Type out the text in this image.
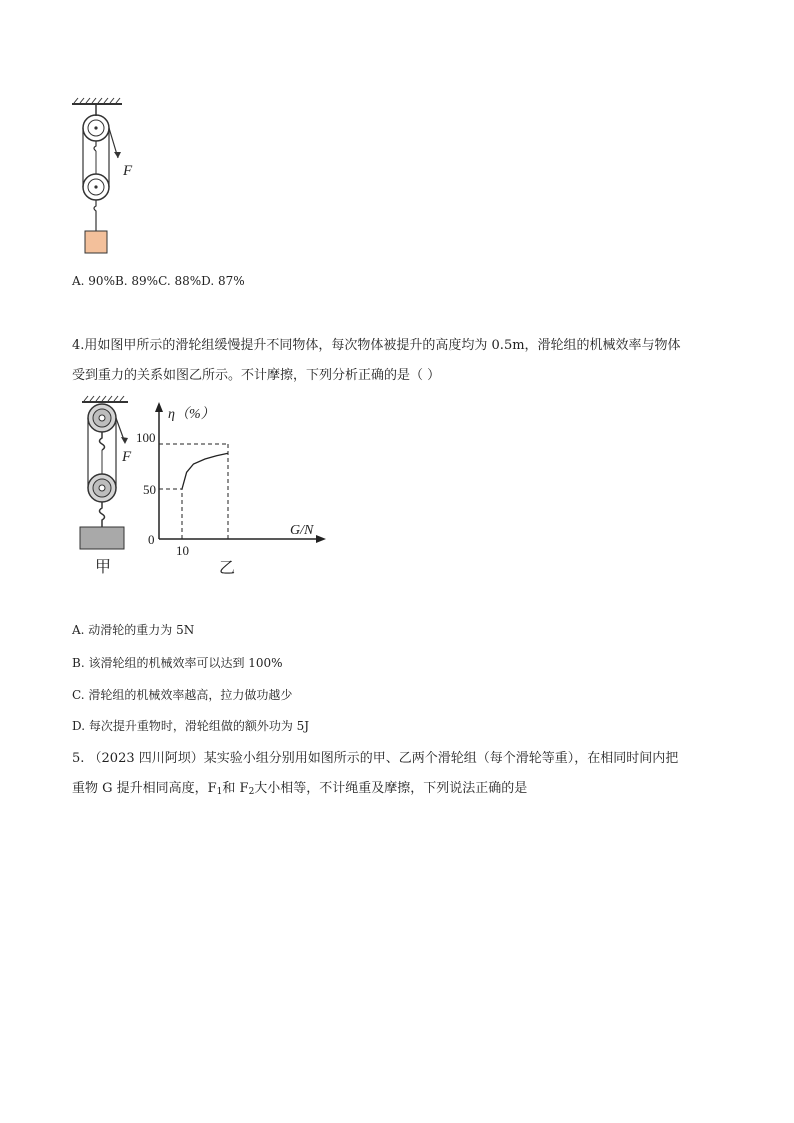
F
A. 90%B. 89%C. 88%D. 87%
4.用如图甲所示的滑轮组缓慢提升不同物体，每次物体被提升的高度均为 0.5m，滑轮组的机械效率与物体
受到重力的关系如图乙所示。不计摩擦，下列分析正确的是（ ）
F
甲
η（%）
G/N
100
50
0
10
乙
A. 动滑轮的重力为 5N
B. 该滑轮组的机械效率可以达到 100%
C. 滑轮组的机械效率越高，拉力做功越少
D. 每次提升重物时，滑轮组做的额外功为 5J
5. （2023 四川阿坝）某实验小组分别用如图所示的甲、乙两个滑轮组（每个滑轮等重），在相同时间内把
重物 G 提升相同高度，$F_1$和 $F_2$大小相等，不计绳重及摩擦，下列说法正确的是
